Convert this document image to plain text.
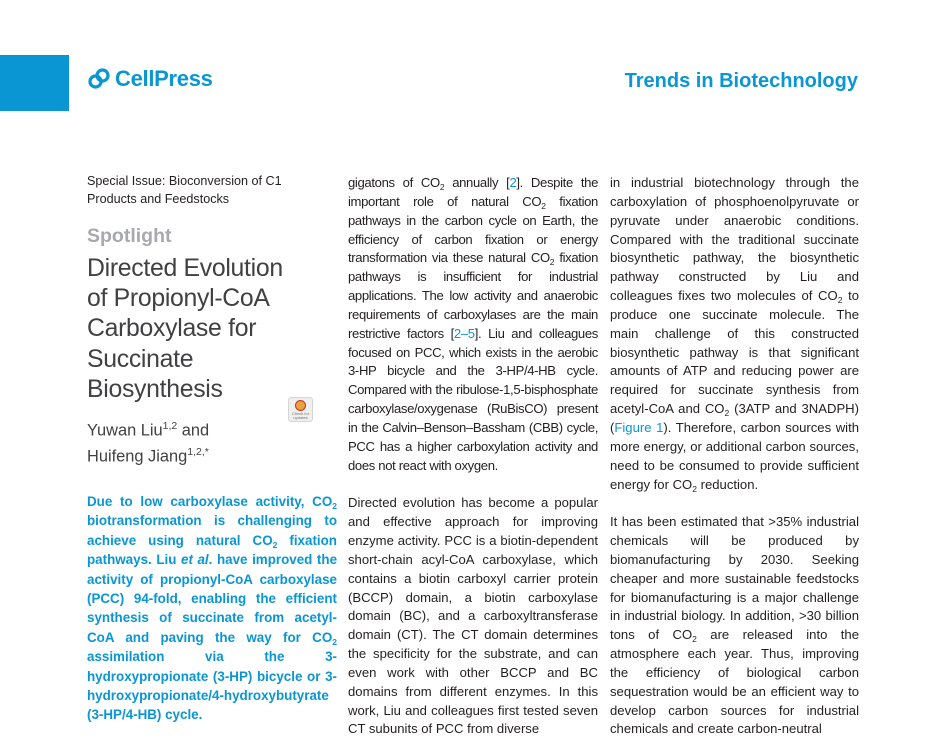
CellPress	Trends in Biotechnology
Special Issue: Bioconversion of C1 Products and Feedstocks
Spotlight
Directed Evolution
of Propionyl-CoA
Carboxylase for
Succinate
Biosynthesis
Yuwan Liu$^{1,2}$ and
Huifeng Jiang$^{1,2,*}$
Check for updates
Due to low carboxylase activity, $CO_2$ biotransformation is challenging to achieve using natural $CO_2$ fixation pathways. Liu et al. have improved the activity of propionyl-CoA carboxylase (PCC) 94-fold, enabling the efficient synthesis of succinate from acetyl-CoA and paving the way for $CO_2$ assimilation via the 3-hydroxypropionate (3-HP) bicycle or 3-hydroxypropionate/4-hydroxybutyrate (3-HP/4-HB) cycle.

gigatons of $CO_2$ annually [2]. Despite the important role of natural $CO_2$ fixation pathways in the carbon cycle on Earth, the efficiency of carbon fixation or energy transformation via these natural $CO_2$ fixation pathways is insufficient for industrial applications. The low activity and anaerobic requirements of carboxylases are the main restrictive factors [2–5]. Liu and colleagues focused on PCC, which exists in the aerobic 3-HP bicycle and the 3-HP/4-HB cycle. Compared with the ribulose-1,5-bisphosphate carboxylase/oxygenase (RuBisCO) present in the Calvin–Benson–Bassham (CBB) cycle, PCC has a higher carboxylation activity and does not react with oxygen.

Directed evolution has become a popular and effective approach for improving enzyme activity. PCC is a biotin-dependent short-chain acyl-CoA carboxylase, which contains a biotin carboxyl carrier protein (BCCP) domain, a biotin carboxylase domain (BC), and a carboxyltransferase domain (CT). The CT domain determines the specificity for the substrate, and can even work with other BCCP and BC domains from different enzymes. In this work, Liu and colleagues first tested seven CT subunits of PCC from diverse

in industrial biotechnology through the carboxylation of phosphoenolpyruvate or pyruvate under anaerobic conditions. Compared with the traditional succinate biosynthetic pathway, the biosynthetic pathway constructed by Liu and colleagues fixes two molecules of $CO_2$ to produce one succinate molecule. The main challenge of this constructed biosynthetic pathway is that significant amounts of ATP and reducing power are required for succinate synthesis from acetyl-CoA and $CO_2$ (3ATP and 3NADPH) (Figure 1). Therefore, carbon sources with more energy, or additional carbon sources, need to be consumed to provide sufficient energy for $CO_2$ reduction.

It has been estimated that >35% industrial chemicals will be produced by biomanufacturing by 2030. Seeking cheaper and more sustainable feedstocks for biomanufacturing is a major challenge in industrial biology. In addition, >30 billion tons of $CO_2$ are released into the atmosphere each year. Thus, improving the efficiency of biological carbon sequestration would be an efficient way to develop carbon sources for industrial chemicals and create carbon-neutral
